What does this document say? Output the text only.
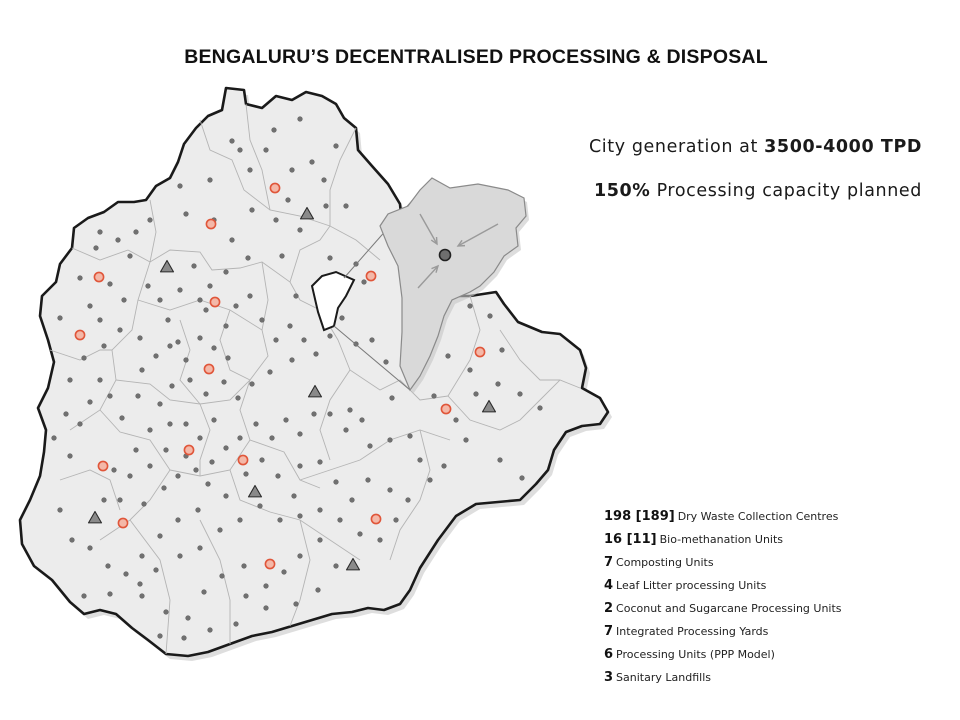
BENGALURU’S DECENTRALISED PROCESSING & DISPOSAL
City generation at 3500-4000 TPD
150% Processing capacity planned
198 [189] Dry Waste Collection Centres
16 [11] Bio-methanation Units
7 Composting Units
4 Leaf Litter processing Units
2 Coconut and Sugarcane Processing Units
7 Integrated Processing Yards
6 Processing Units (PPP Model)
3 Sanitary Landfills
